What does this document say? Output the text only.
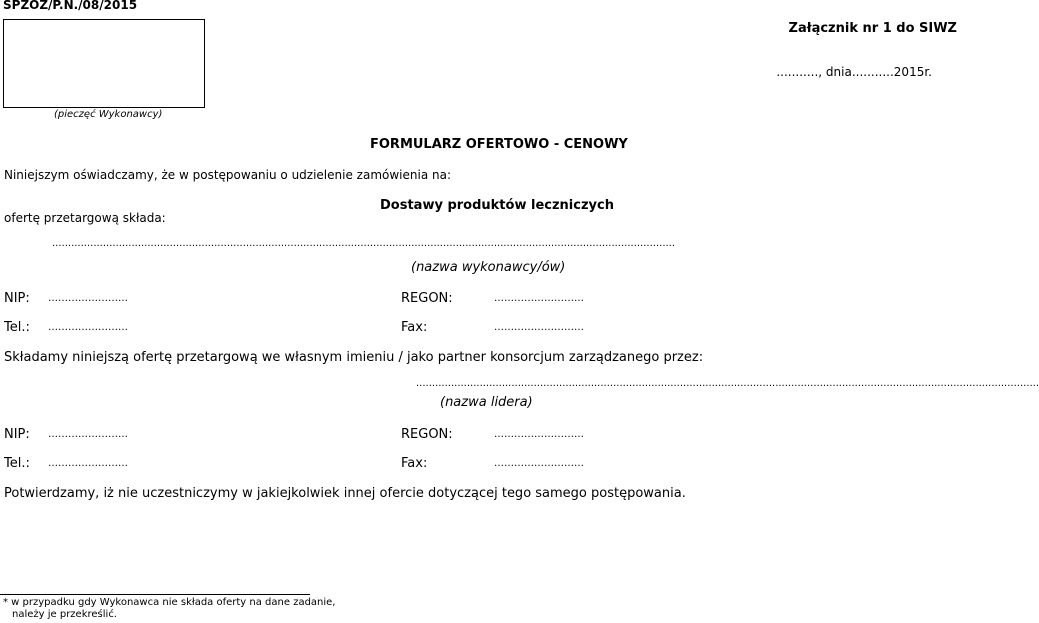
SPZOZ/P.N./08/2015
Załącznik nr 1 do SIWZ
..........., dnia...........2015r.
(pieczęć Wykonawcy)
FORMULARZ OFERTOWO - CENOWY
Niniejszym oświadczamy, że w postępowaniu o udzielenie zamówienia na:
Dostawy produktów leczniczych
ofertę przetargową składa:
....................................................................................................................................................................................................
(nazwa wykonawcy/ów)
NIP: ……………………	REGON:	………………………
Tel.: ……………………	Fax:	………………………
Składamy niniejszą ofertę przetargową we własnym imieniu / jako partner konsorcjum zarządzanego przez:
....................................................................................................................................................................................................
(nazwa lidera)
NIP: ……………………	REGON:	………………………
Tel.: ……………………	Fax:	………………………
Potwierdzamy, iż nie uczestniczymy w jakiejkolwiek innej ofercie dotyczącej tego samego postępowania.
* w przypadku gdy Wykonawca nie składa oferty na dane zadanie,
należy je przekreślić.
